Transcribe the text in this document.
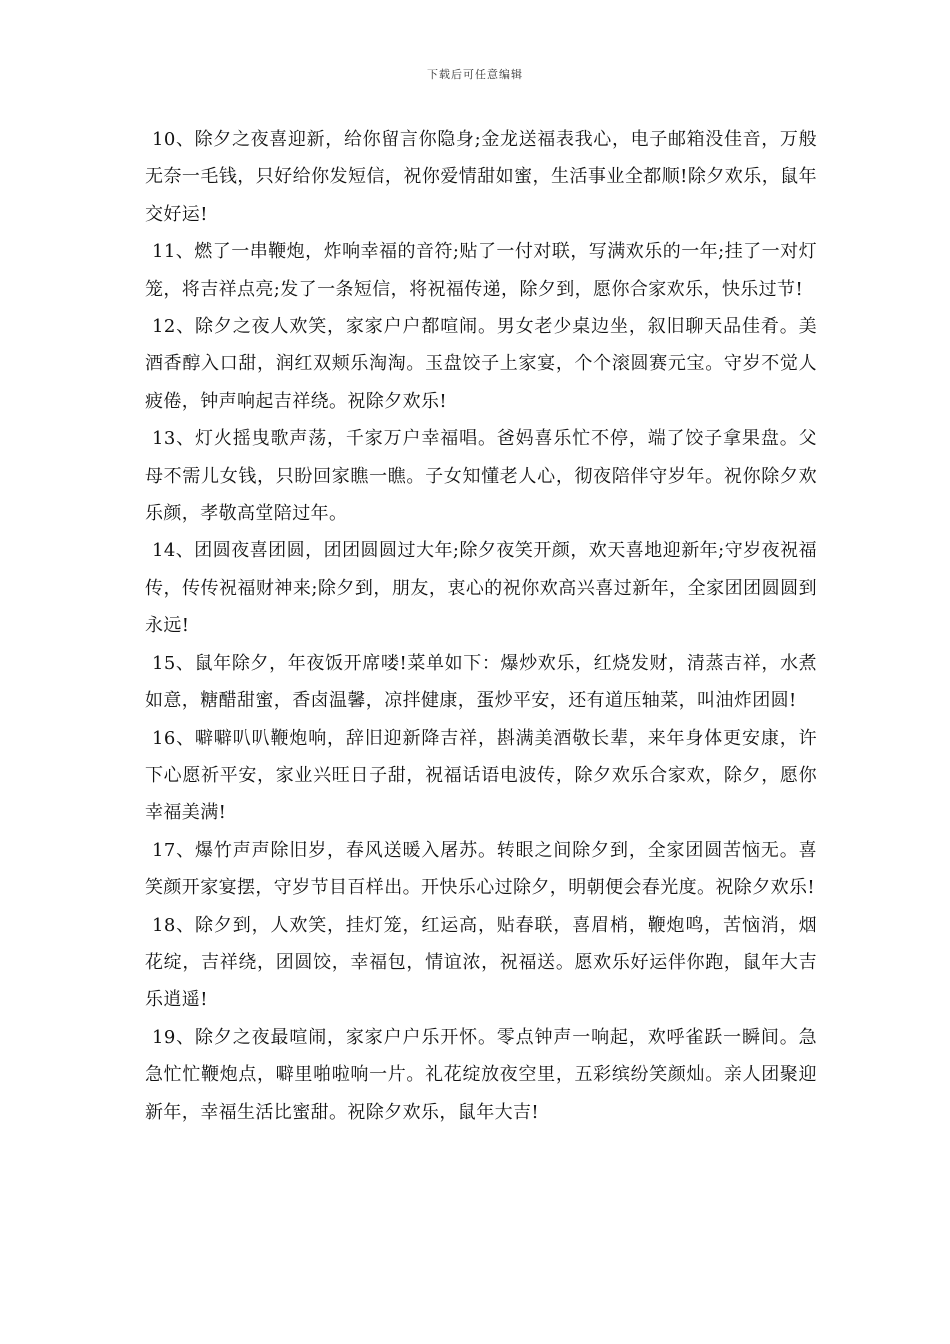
下载后可任意编辑

10、除夕之夜喜迎新，给你留言你隐身;金龙送福表我心，电子邮箱没佳音，万般无奈一毛钱，只好给你发短信，祝你爱情甜如蜜，生活事业全都顺!除夕欢乐，鼠年交好运!

11、燃了一串鞭炮，炸响幸福的音符;贴了一付对联，写满欢乐的一年;挂了一对灯笼，将吉祥点亮;发了一条短信，将祝福传递，除夕到，愿你合家欢乐，快乐过节!

12、除夕之夜人欢笑，家家户户都喧闹。男女老少桌边坐，叙旧聊天品佳肴。美酒香醇入口甜，润红双颊乐淘淘。玉盘饺子上家宴，个个滚圆赛元宝。守岁不觉人疲倦，钟声响起吉祥绕。祝除夕欢乐!

13、灯火摇曳歌声荡，千家万户幸福唱。爸妈喜乐忙不停，端了饺子拿果盘。父母不需儿女钱，只盼回家瞧一瞧。子女知懂老人心，彻夜陪伴守岁年。祝你除夕欢乐颜，孝敬高堂陪过年。

14、团圆夜喜团圆，团团圆圆过大年;除夕夜笑开颜，欢天喜地迎新年;守岁夜祝福传，传传祝福财神来;除夕到，朋友，衷心的祝你欢高兴喜过新年，全家团团圆圆到永远!

15、鼠年除夕，年夜饭开席喽!菜单如下：爆炒欢乐，红烧发财，清蒸吉祥，水煮如意，糖醋甜蜜，香卤温馨，凉拌健康，蛋炒平安，还有道压轴菜，叫油炸团圆!

16、噼噼叭叭鞭炮响，辞旧迎新降吉祥，斟满美酒敬长辈，来年身体更安康，许下心愿祈平安，家业兴旺日子甜，祝福话语电波传，除夕欢乐合家欢，除夕，愿你幸福美满!

17、爆竹声声除旧岁，春风送暖入屠苏。转眼之间除夕到，全家团圆苦恼无。喜笑颜开家宴摆，守岁节目百样出。开快乐心过除夕，明朝便会春光度。祝除夕欢乐!

18、除夕到，人欢笑，挂灯笼，红运高，贴春联，喜眉梢，鞭炮鸣，苦恼消，烟花绽，吉祥绕，团圆饺，幸福包，情谊浓，祝福送。愿欢乐好运伴你跑，鼠年大吉乐逍遥!

19、除夕之夜最喧闹，家家户户乐开怀。零点钟声一响起，欢呼雀跃一瞬间。急急忙忙鞭炮点，噼里啪啦响一片。礼花绽放夜空里，五彩缤纷笑颜灿。亲人团聚迎新年，幸福生活比蜜甜。祝除夕欢乐，鼠年大吉!
